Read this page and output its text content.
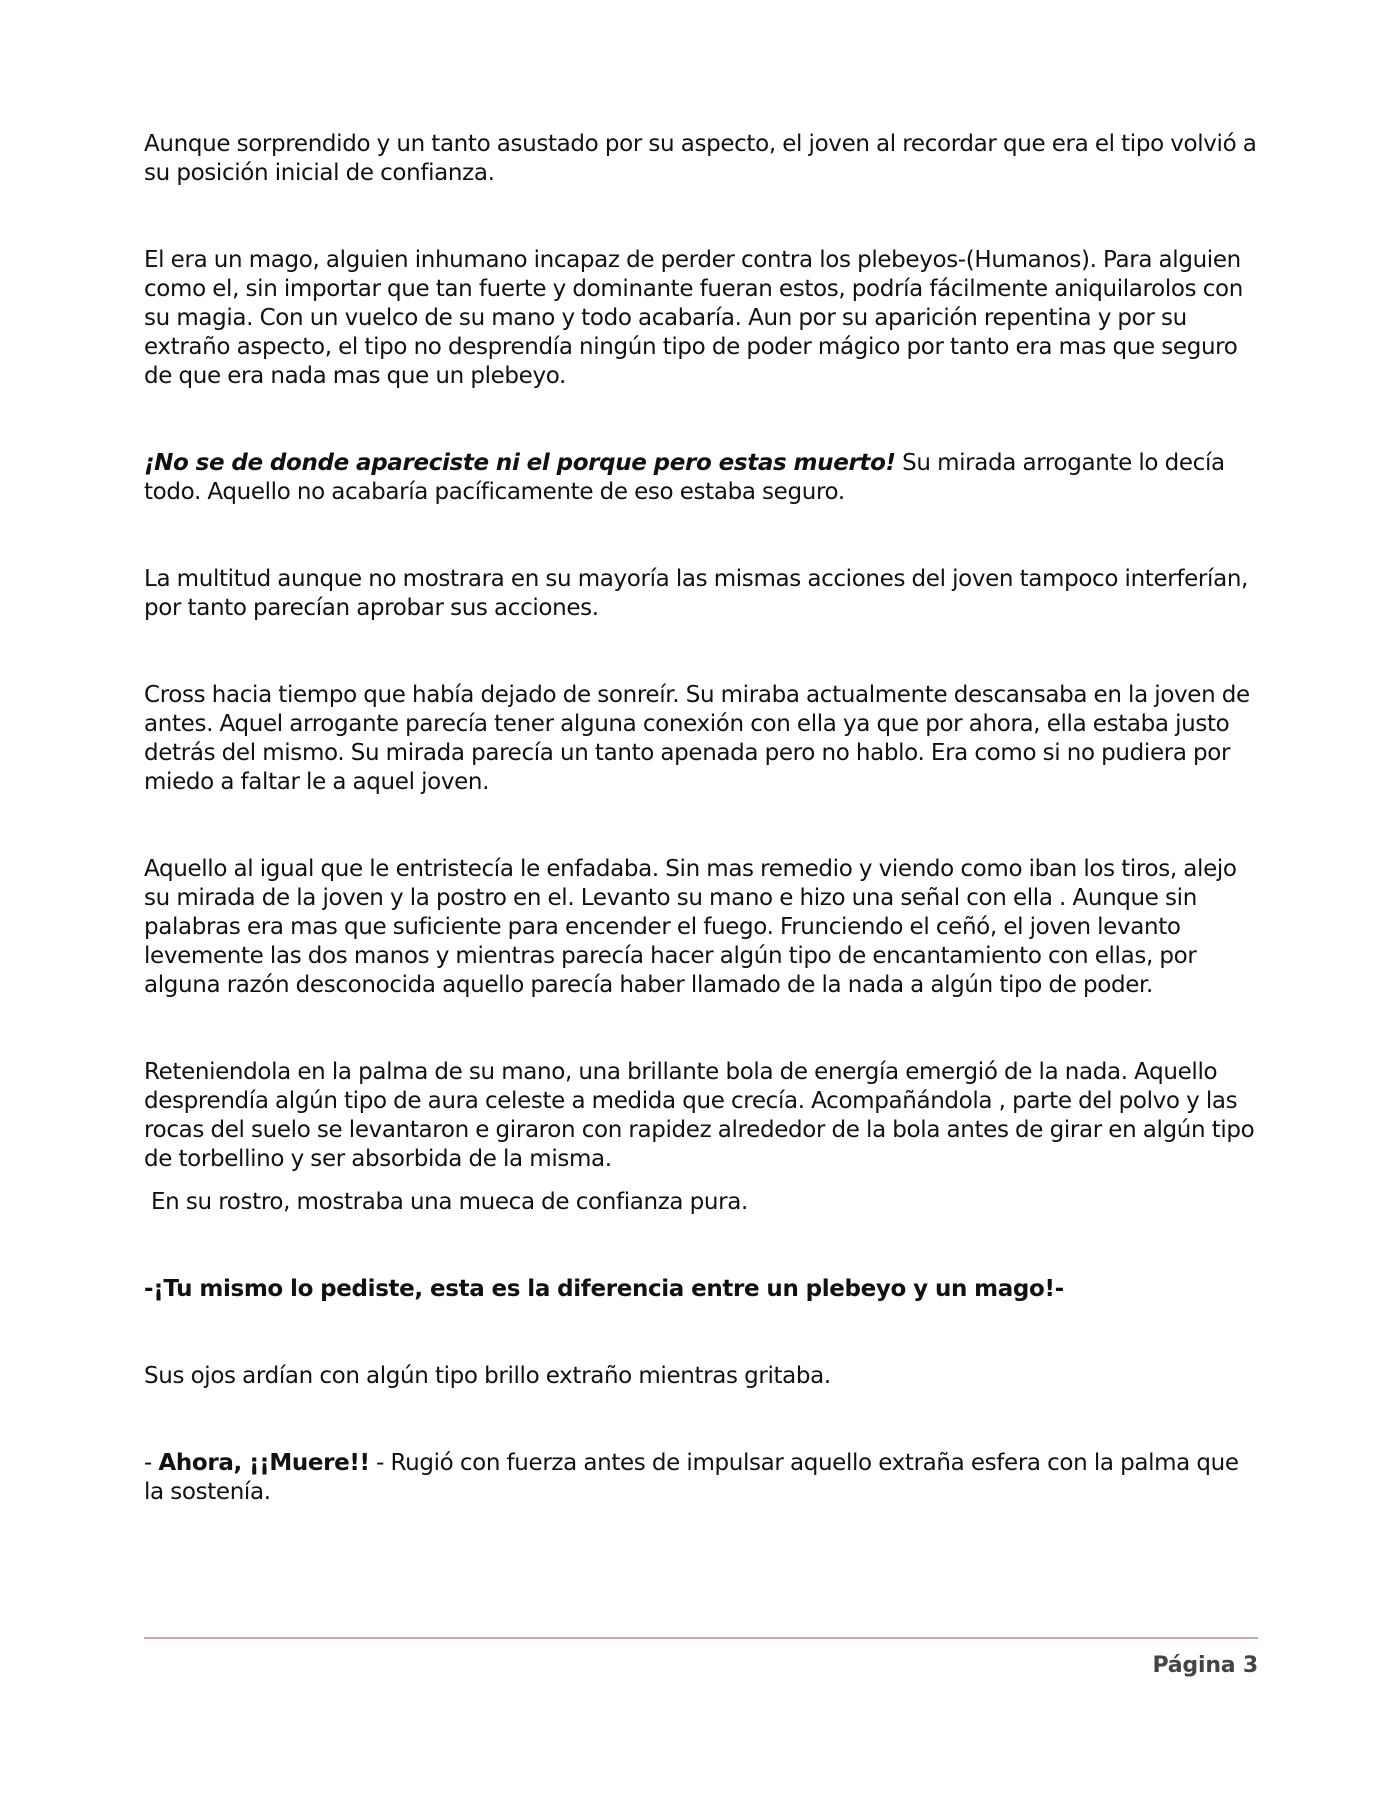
Aunque sorprendido y un tanto asustado por su aspecto, el joven al recordar que era el tipo volvió a su posición inicial de confianza.

El era un mago, alguien inhumano incapaz de perder contra los plebeyos-(Humanos). Para alguien como el, sin importar que tan fuerte y dominante fueran estos, podría fácilmente aniquilarolos con su magia. Con un vuelco de su mano y todo acabaría. Aun por su aparición repentina y por su extraño aspecto, el tipo no desprendía ningún tipo de poder mágico por tanto era mas que seguro de que era nada mas que un plebeyo.

¡No se de donde apareciste ni el porque pero estas muerto! Su mirada arrogante lo decía todo. Aquello no acabaría pacíficamente de eso estaba seguro.

La multitud aunque no mostrara en su mayoría las mismas acciones del joven tampoco interferían, por tanto parecían aprobar sus acciones.

Cross hacia tiempo que había dejado de sonreír. Su miraba actualmente descansaba en la joven de antes. Aquel arrogante parecía tener alguna conexión con ella ya que por ahora, ella estaba justo detrás del mismo. Su mirada parecía un tanto apenada pero no hablo. Era como si no pudiera por miedo a faltar le a aquel joven.

Aquello al igual que le entristecía le enfadaba. Sin mas remedio y viendo como iban los tiros, alejo su mirada de la joven y la postro en el. Levanto su mano e hizo una señal con ella . Aunque sin palabras era mas que suficiente para encender el fuego. Frunciendo el ceñó, el joven levanto levemente las dos manos y mientras parecía hacer algún tipo de encantamiento con ellas, por alguna razón desconocida aquello parecía haber llamado de la nada a algún tipo de poder.

Reteniendola en la palma de su mano, una brillante bola de energía emergió de la nada. Aquello desprendía algún tipo de aura celeste a medida que crecía. Acompañándola , parte del polvo y las rocas del suelo se levantaron e giraron con rapidez alrededor de la bola antes de girar en algún tipo de torbellino y ser absorbida de la misma.

En su rostro, mostraba una mueca de confianza pura.

-¡Tu mismo lo pediste, esta es la diferencia entre un plebeyo y un mago!-

Sus ojos ardían con algún tipo brillo extraño mientras gritaba.

- Ahora, ¡¡Muere!! - Rugió con fuerza antes de impulsar aquello extraña esfera con la palma que la sostenía.

Página 3
